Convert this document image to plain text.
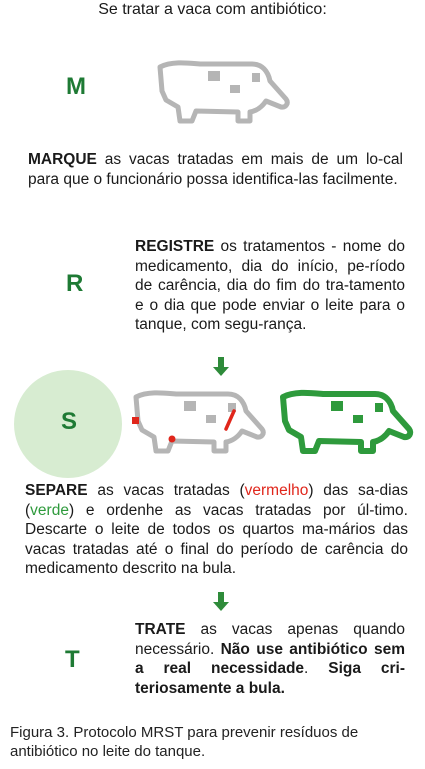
Se tratar a vaca com antibiótico:
M
MARQUE as vacas tratadas em mais de um lo-cal para que o funcionário possa identifica-las facilmente.
R
REGISTRE os tratamentos - nome do medicamento, dia do início, pe-ríodo de carência, dia do fim do tra-tamento e o dia que pode enviar o leite para o tanque, com segu-rança.
S
SEPARE as vacas tratadas (vermelho) das sa-dias (verde) e ordenhe as vacas tratadas por úl-timo. Descarte o leite de todos os quartos ma-mários das vacas tratadas até o final do período de carência do medicamento descrito na bula.
T
TRATE as vacas apenas quando necessário. Não use antibiótico sem a real necessidade. Siga cri-teriosamente a bula.
Figura 3. Protocolo MRST para prevenir resíduos de antibiótico no leite do tanque.
